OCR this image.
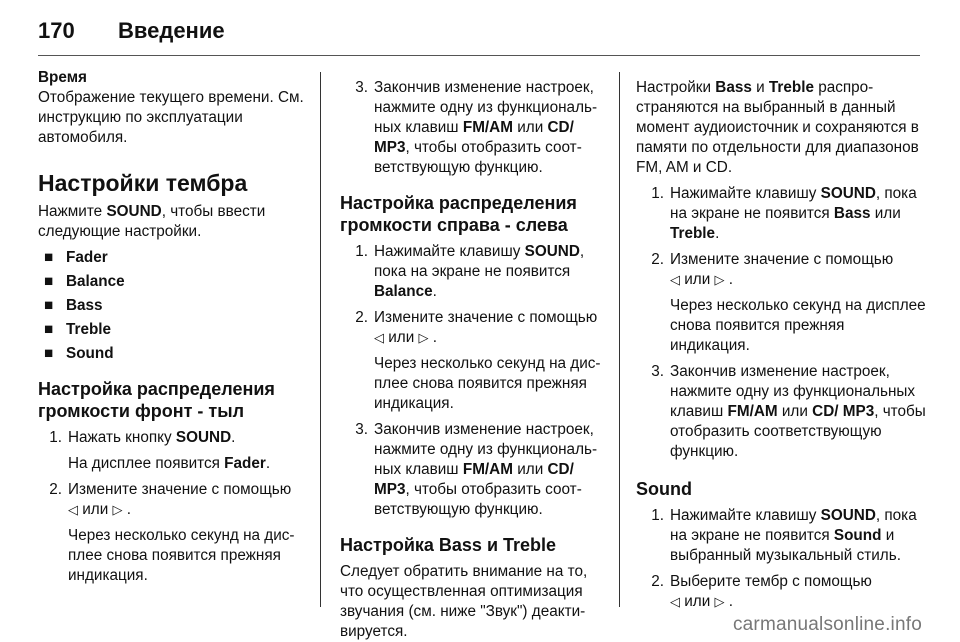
170 Введение

Время

Отображение текущего времени. См. инструкцию по эксплуатации автомобиля.

Настройки тембра

Нажмите SOUND, чтобы ввести следующие настройки.

■ Fader
■ Balance
■ Bass
■ Treble
■ Sound
Настройка распределения громкости фронт - тыл
1. Нажать кнопку SOUND.

На дисплее появится Fader.

2. Измените значение с помощью
◁ или ▷ .

Через несколько секунд на дисплее снова появится прежняя индикация.

3. Закончив изменение настроек, нажмите одну из функциональных клавиш FM/AM или CD/ MP3, чтобы отобразить соответствующую функцию.
Настройка распределения громкости справа - слева
1. Нажимайте клавишу SOUND, пока на экране не появится Balance.
2. Измените значение с помощью
◁ или ▷ .

Через несколько секунд на дисплее снова появится прежняя индикация.

3. Закончив изменение настроек, нажмите одну из функциональных клавиш FM/AM или CD/ MP3, чтобы отобразить соответствующую функцию.
Настройка Bass и Treble

Следует обратить внимание на то, что осуществленная оптимизация звучания (см. ниже "Звук") деактивируется.

Настройки Bass и Treble распространяются на выбранный в данный момент аудиоисточник и сохраняются в памяти по отдельности для диапазонов FM, AM и CD.

1. Нажимайте клавишу SOUND, пока на экране не появится Bass или Treble.
2. Измените значение с помощью
◁ или ▷ .

Через несколько секунд на дисплее снова появится прежняя индикация.

3. Закончив изменение настроек, нажмите одну из функциональных клавиш FM/AM или CD/ MP3, чтобы отобразить соответствующую функцию.
Sound
1. Нажимайте клавишу SOUND, пока на экране не появится Sound и выбранный музыкальный стиль.
2. Выберите тембр с помощью
◁ или ▷ .
carmanualsonline.info
